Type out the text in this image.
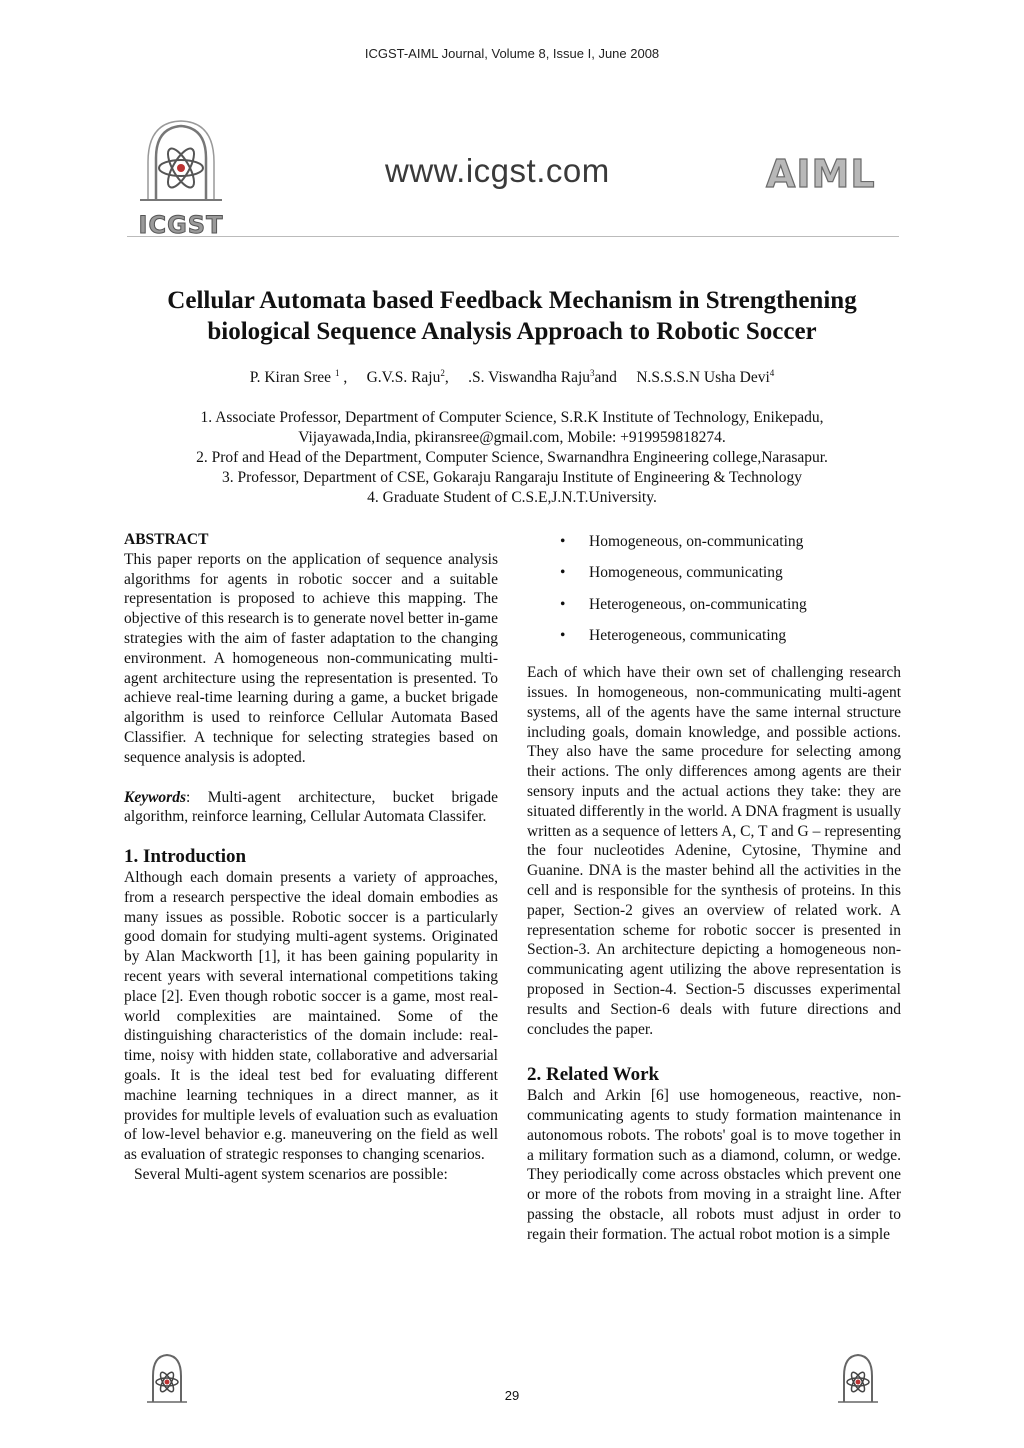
ICGST-AIML Journal, Volume 8, Issue I, June 2008
ICGST
www.icgst.com	AIML
Cellular Automata based Feedback Mechanism in Strengthening
biological Sequence Analysis Approach to Robotic Soccer
P. Kiran Sree $^1$ ,     G.V.S. Raju$^2$,     .S. Viswandha Raju$^3$and     N.S.S.S.N Usha Devi$^4$
1. Associate Professor, Department of Computer Science, S.R.K Institute of Technology, Enikepadu,
Vijayawada,India, pkiransree@gmail.com, Mobile: +919959818274.
2. Prof and Head of the Department, Computer Science, Swarnandhra Engineering college,Narasapur.
3. Professor, Department of CSE, Gokaraju Rangaraju Institute of Engineering & Technology
4. Graduate Student of C.S.E,J.N.T.University.
ABSTRACT

This paper reports on the application of sequence analysis algorithms for agents in robotic soccer and a suitable representation is proposed to achieve this mapping. The objective of this research is to generate novel better in-game strategies with the aim of faster adaptation to the changing environment. A homogeneous non-communicating multi-agent architecture using the representation is presented. To achieve real-time learning during a game, a bucket brigade algorithm is used to reinforce Cellular Automata Based Classifier. A technique for selecting strategies based on sequence analysis is adopted.

Keywords: Multi-agent architecture, bucket brigade algorithm, reinforce learning, Cellular Automata Classifer.

1. Introduction

Although each domain presents a variety of approaches, from a research perspective the ideal domain embodies as many issues as possible. Robotic soccer is a particularly good domain for studying multi-agent systems. Originated by Alan Mackworth [1], it has been gaining popularity in recent years with several international competitions taking place [2]. Even though robotic soccer is a game, most real-world complexities are maintained. Some of the distinguishing characteristics of the domain include: real-time, noisy with hidden state, collaborative and adversarial goals. It is the ideal test bed for evaluating different machine learning techniques in a direct manner, as it provides for multiple levels of evaluation such as evaluation of low-level behavior e.g. maneuvering on the field as well as evaluation of strategic responses to changing scenarios.

Several Multi-agent system scenarios are possible:

• Homogeneous, on-communicating
• Homogeneous, communicating
• Heterogeneous, on-communicating
• Heterogeneous, communicating

Each of which have their own set of challenging research issues. In homogeneous, non-communicating multi-agent systems, all of the agents have the same internal structure including goals, domain knowledge, and possible actions. They also have the same procedure for selecting among their actions. The only differences among agents are their sensory inputs and the actual actions they take: they are situated differently in the world. A DNA fragment is usually written as a sequence of letters A, C, T and G – representing the four nucleotides Adenine, Cytosine, Thymine and Guanine. DNA is the master behind all the activities in the cell and is responsible for the synthesis of proteins. In this paper, Section-2 gives an overview of related work. A representation scheme for robotic soccer is presented in Section-3. An architecture depicting a homogeneous non-communicating agent utilizing the above representation is proposed in Section-4. Section-5 discusses experimental results and Section-6 deals with future directions and concludes the paper.

2. Related Work

Balch and Arkin [6] use homogeneous, reactive, non-communicating agents to study formation maintenance in autonomous robots. The robots' goal is to move together in a military formation such as a diamond, column, or wedge. They periodically come across obstacles which prevent one or more of the robots from moving in a straight line. After passing the obstacle, all robots must adjust in order to regain their formation. The actual robot motion is a simple

29
